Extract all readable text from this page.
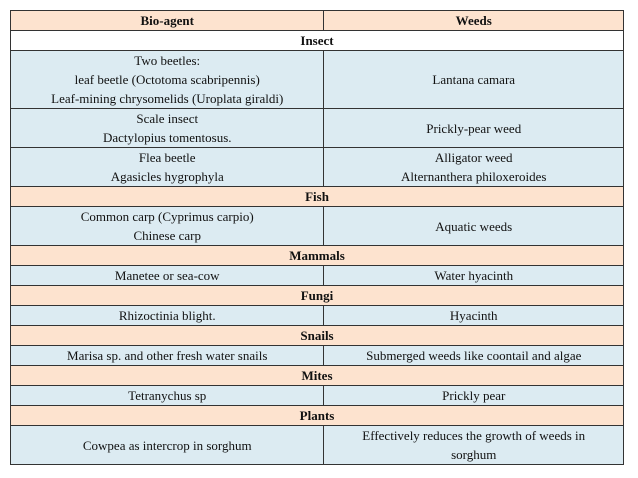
Bio-agent	Weeds
Insect	

Two beetles:
leaf beetle (Octotoma scabripennis)
Leaf-mining chrysomelids (Uroplata giraldi)	Lantana camara

Scale insect
Dactylopius tomentosus.	Prickly-pear weed

Flea beetle
Agasicles hygrophyla	Alligator weed
Alternanthera philoxeroides

Fish	

Common carp (Cyprimus carpio)
Chinese carp	Aquatic weeds

Mammals	

Manetee or sea-cow	Water hyacinth

Fungi	

Rhizoctinia blight.	Hyacinth

Snails	

Marisa sp. and other fresh water snails	Submerged weeds like coontail and algae

Mites	

Tetranychus sp	Prickly pear

Plants	

Cowpea as intercrop in sorghum	Effectively reduces the growth of weeds in
sorghum
